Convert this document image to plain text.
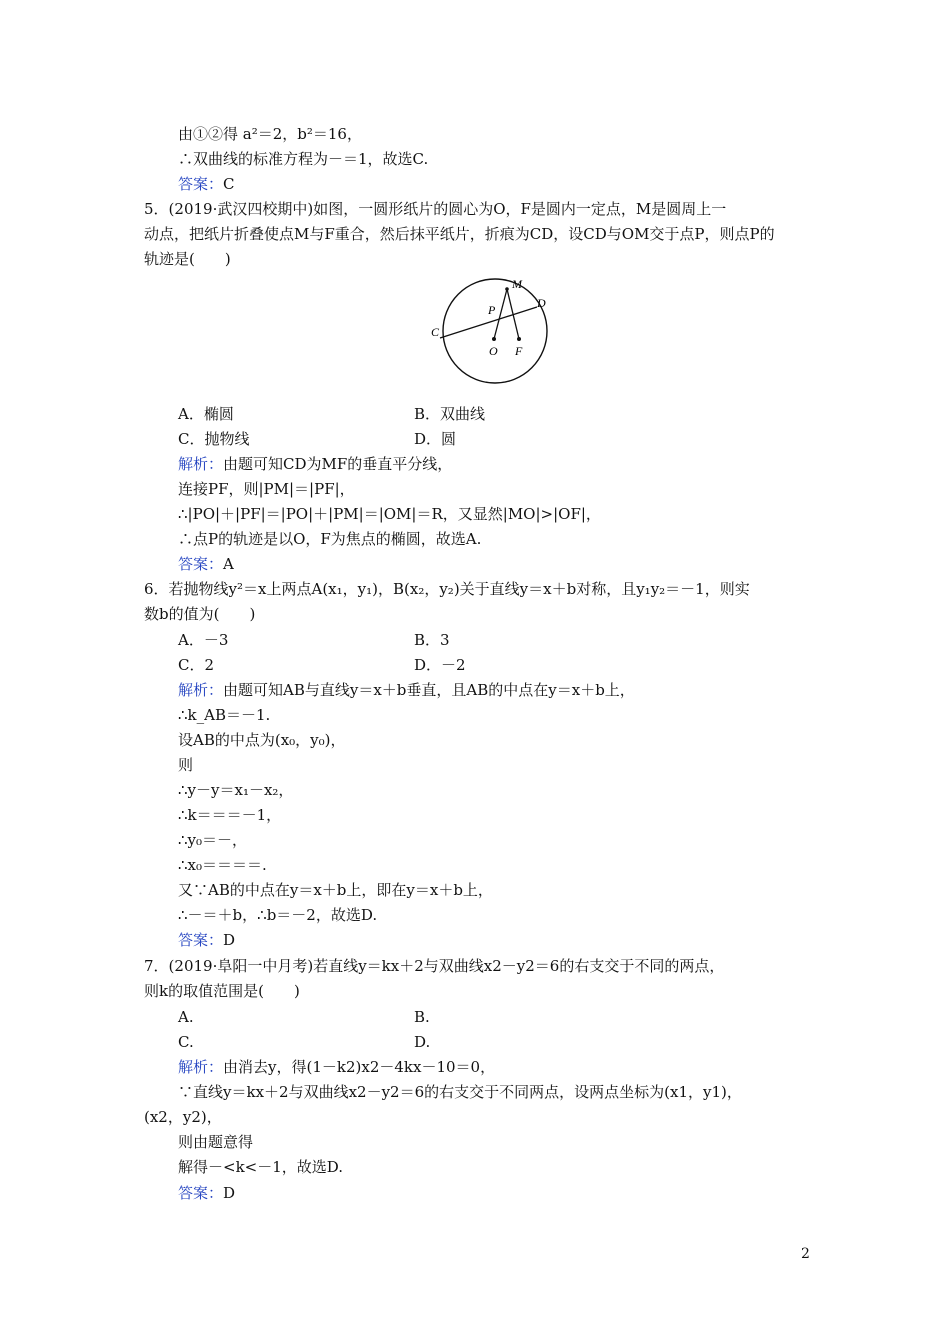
由①②得 a²＝2，b²＝16，
∴双曲线的标准方程为－＝1，故选C.
答案：C
5．(2019·武汉四校期中)如图，一圆形纸片的圆心为O，F是圆内一定点，M是圆周上一
动点，把纸片折叠使点M与F重合，然后抹平纸片，折痕为CD，设CD与OM交于点P，则点P的
轨迹是(　　)
M
D
P
C
O F
A．椭圆	B．双曲线
C．抛物线	D．圆
解析：由题可知CD为MF的垂直平分线，
连接PF，则|PM|＝|PF|，
∴|PO|＋|PF|＝|PO|＋|PM|＝|OM|＝R，又显然|MO|>|OF|，
∴点P的轨迹是以O，F为焦点的椭圆，故选A.
答案：A
6．若抛物线y²＝x上两点A(x₁，y₁)，B(x₂，y₂)关于直线y＝x＋b对称，且y₁y₂＝－1，则实
数b的值为(　　)
A．－3	B．3
C．2	D．－2
解析：由题可知AB与直线y＝x＋b垂直，且AB的中点在y＝x＋b上，
∴k_AB＝－1.
设AB的中点为(x₀，y₀)，
则
∴y－y＝x₁－x₂，
∴k＝＝＝－1，
∴y₀＝－，
∴x₀＝＝＝＝.
又∵AB的中点在y＝x＋b上，即在y＝x＋b上，
∴－＝＋b，∴b＝－2，故选D.
答案：D
7．(2019·阜阳一中月考)若直线y＝kx＋2与双曲线x2－y2＝6的右支交于不同的两点，
则k的取值范围是(　　)
A.	B.
C.	D.
解析：由消去y，得(1－k2)x2－4kx－10＝0，
∵直线y＝kx＋2与双曲线x2－y2＝6的右支交于不同两点，设两点坐标为(x1，y1)，
(x2，y2)，
则由题意得
解得－<k<－1，故选D.
答案：D
2
